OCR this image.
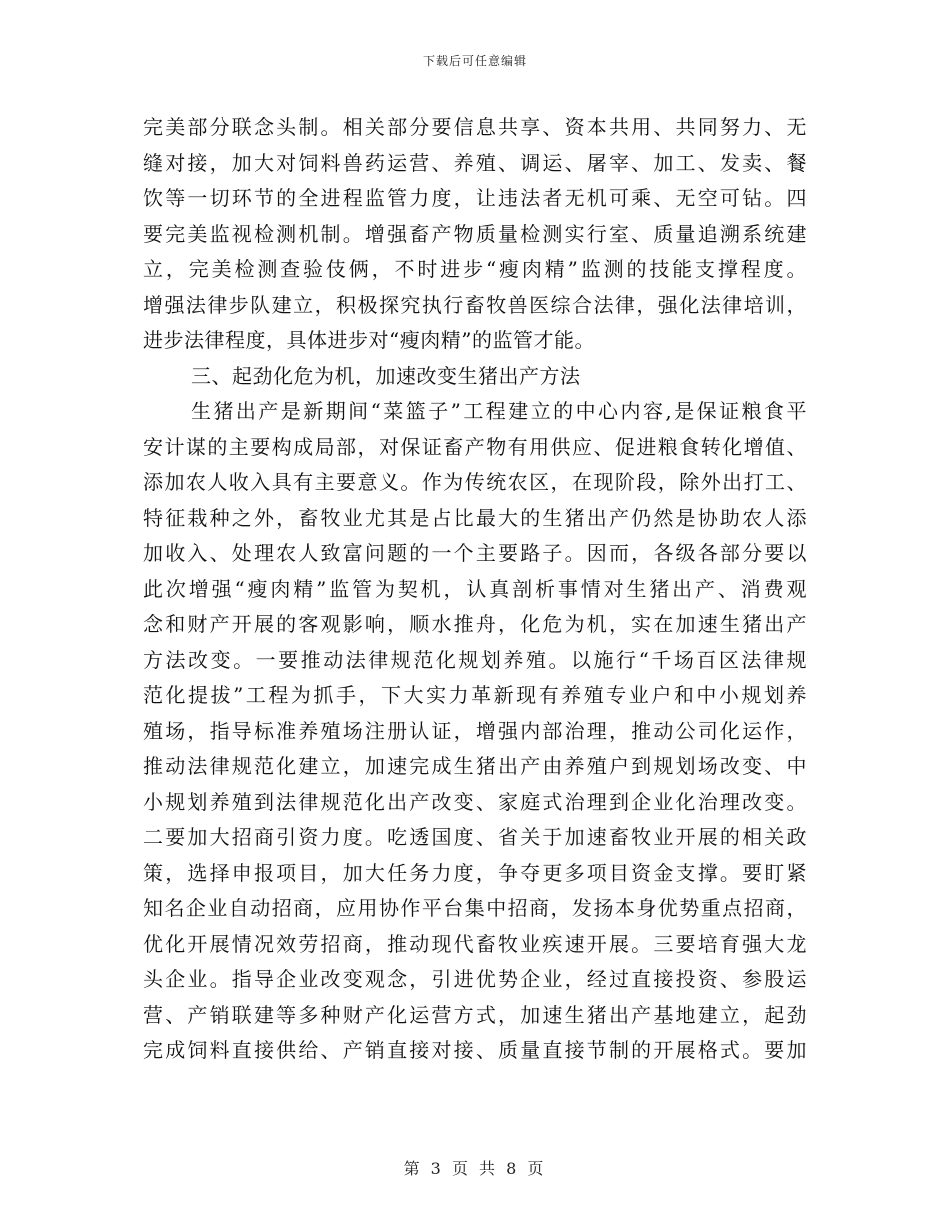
下载后可任意编辑
完美部分联念头制。相关部分要信息共享、资本共用、共同努力、无
缝对接，加大对饲料兽药运营、养殖、调运、屠宰、加工、发卖、餐
饮等一切环节的全进程监管力度，让违法者无机可乘、无空可钻。四
要完美监视检测机制。增强畜产物质量检测实行室、质量追溯系统建
立，完美检测查验伎俩，不时进步“瘦肉精”监测的技能支撑程度。
增强法律步队建立，积极探究执行畜牧兽医综合法律，强化法律培训，
进步法律程度，具体进步对“瘦肉精”的监管才能。
三、起劲化危为机，加速改变生猪出产方法
生猪出产是新期间“菜篮子”工程建立的中心内容,是保证粮食平
安计谋的主要构成局部，对保证畜产物有用供应、促进粮食转化增值、
添加农人收入具有主要意义。作为传统农区，在现阶段，除外出打工、
特征栽种之外，畜牧业尤其是占比最大的生猪出产仍然是协助农人添
加收入、处理农人致富问题的一个主要路子。因而，各级各部分要以
此次增强“瘦肉精”监管为契机，认真剖析事情对生猪出产、消费观
念和财产开展的客观影响，顺水推舟，化危为机，实在加速生猪出产
方法改变。一要推动法律规范化规划养殖。以施行“千场百区法律规
范化提拔”工程为抓手，下大实力革新现有养殖专业户和中小规划养
殖场，指导标准养殖场注册认证，增强内部治理，推动公司化运作，
推动法律规范化建立，加速完成生猪出产由养殖户到规划场改变、中
小规划养殖到法律规范化出产改变、家庭式治理到企业化治理改变。
二要加大招商引资力度。吃透国度、省关于加速畜牧业开展的相关政
策，选择申报项目，加大任务力度，争夺更多项目资金支撑。要盯紧
知名企业自动招商，应用协作平台集中招商，发扬本身优势重点招商，
优化开展情况效劳招商，推动现代畜牧业疾速开展。三要培育强大龙
头企业。指导企业改变观念，引进优势企业，经过直接投资、参股运
营、产销联建等多种财产化运营方式，加速生猪出产基地建立，起劲
完成饲料直接供给、产销直接对接、质量直接节制的开展格式。要加
第 3 页 共 8 页
